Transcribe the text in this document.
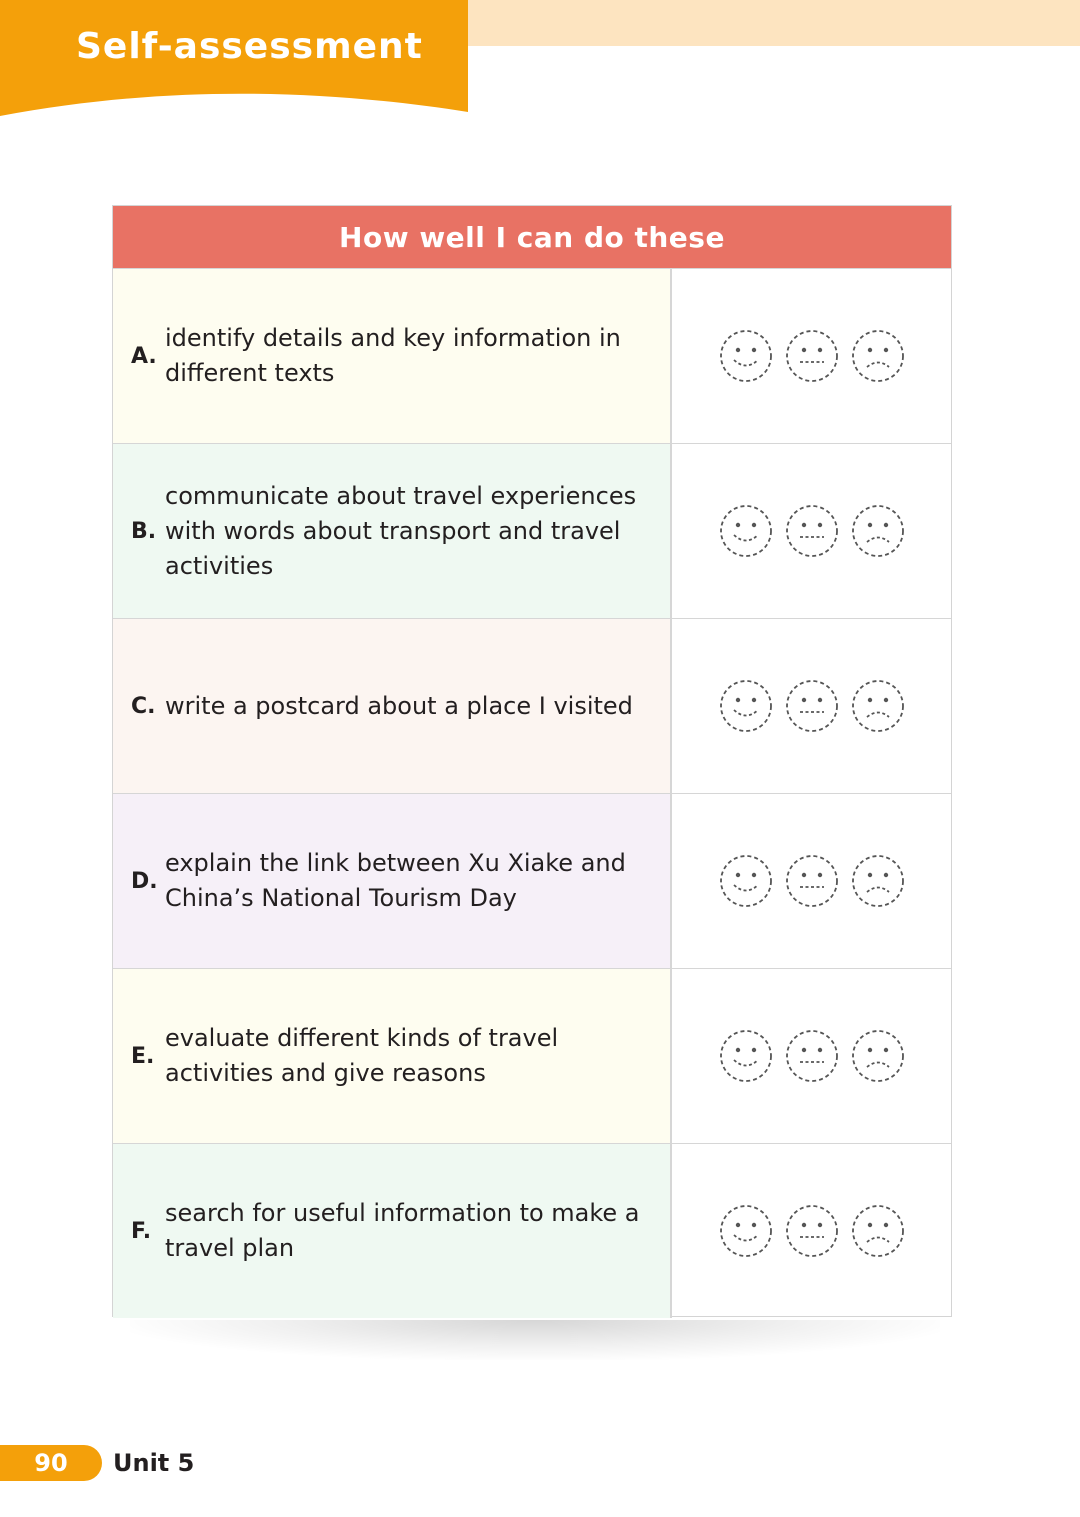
Self-assessment
How well I can do these
A.
identify details and key information in different texts
B.
communicate about travel experiences with words about transport and travel activities
C. write a postcard about a place I visited
D.
explain the link between Xu Xiake and China’s National Tourism Day
E.
evaluate different kinds of travel activities and give reasons
F.
search for useful information to make a travel plan
90	Unit 5
